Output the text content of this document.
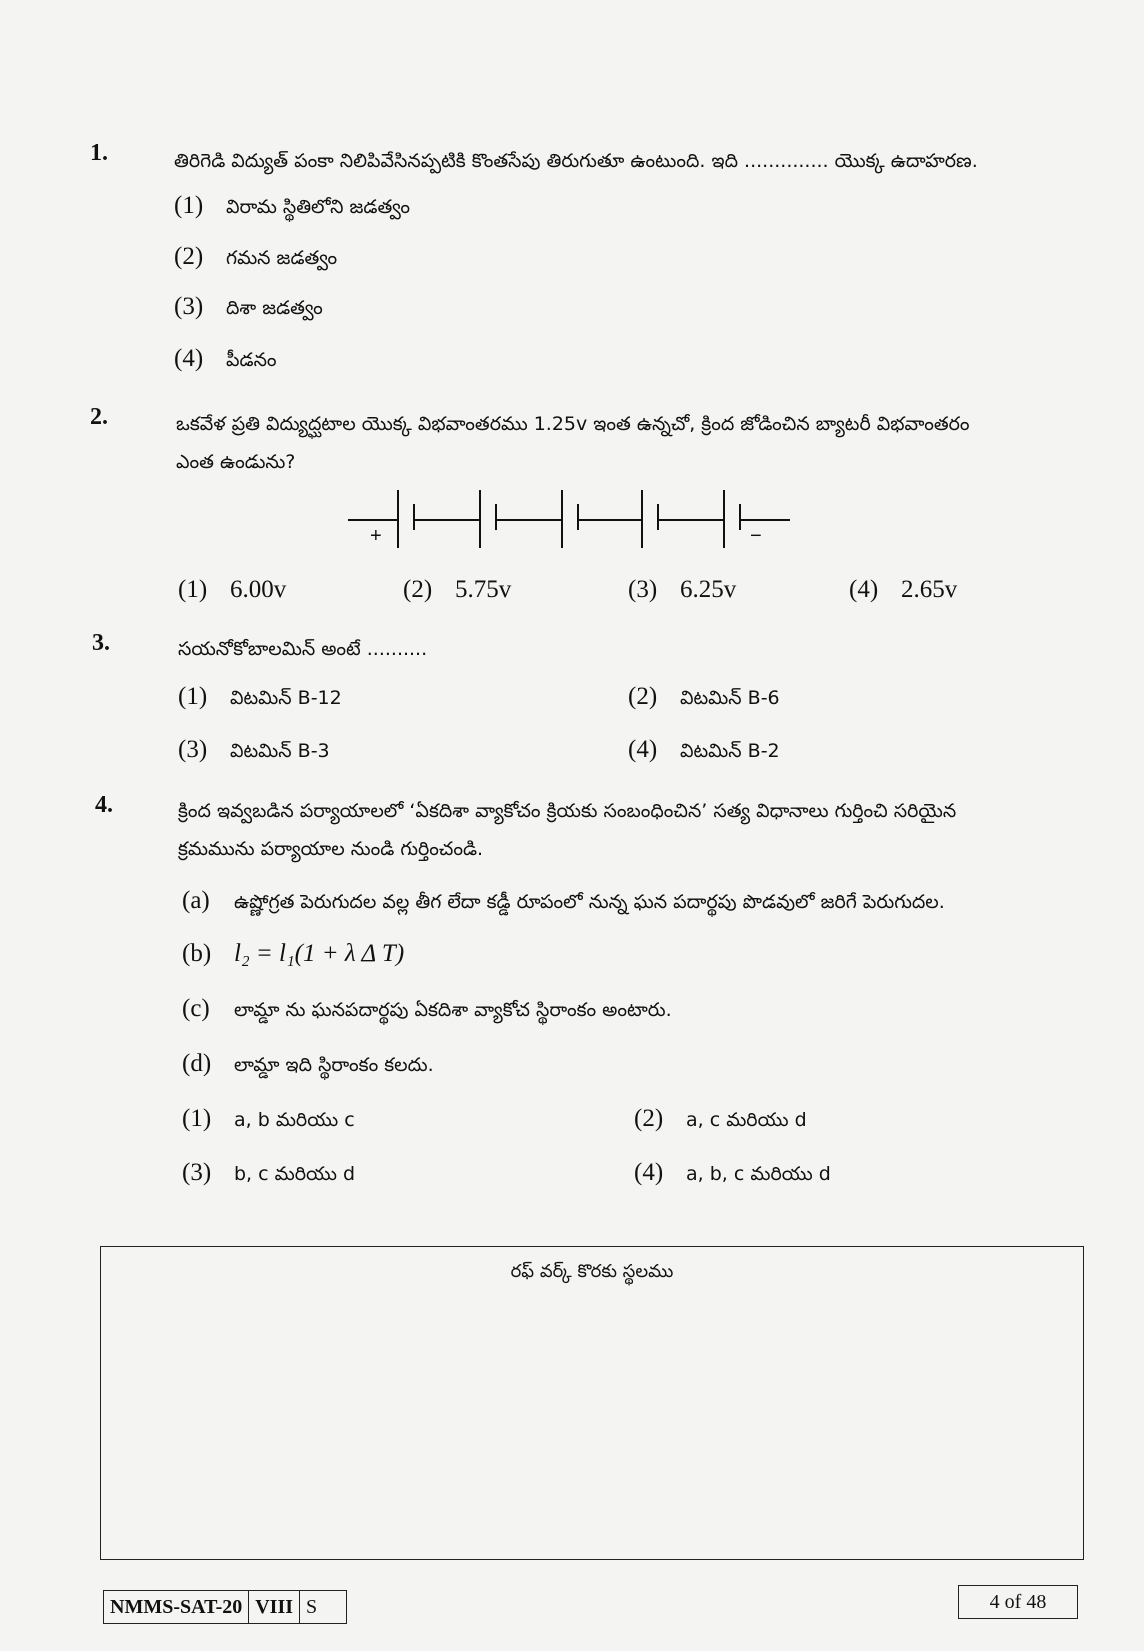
1.	తిరిగెడి విద్యుత్ పంకా నిలిపివేసినప్పటికి కొంతసేపు తిరుగుతూ ఉంటుంది. ఇది .............. యొక్క ఉదాహరణ.
(1) విరామ స్థితిలోని జడత్వం
(2) గమన జడత్వం
(3) దిశా జడత్వం
(4) పీడనం
2.	ఒకవేళ ప్రతి విద్యుద్ఘటాల యొక్క విభవాంతరము 1.25v ఇంత ఉన్నచో, క్రింద జోడించిన బ్యాటరీ విభవాంతరం
ఎంత ఉండును?
+	−
(1) 6.00v	(2) 5.75v	(3) 6.25v	(4) 2.65v
3.	సయనోకోబాలమిన్ అంటే ..........
(1) విటమిన్ B-12	(2) విటమిన్ B-6
(3) విటమిన్ B-3	(4) విటమిన్ B-2
4.	క్రింద ఇవ్వబడిన పర్యాయాలలో ‘ఏకదిశా వ్యాకోచం క్రియకు సంబంధించిన’ సత్య విధానాలు గుర్తించి సరియైన
క్రమమును పర్యాయాల నుండి గుర్తించండి.
(a) ఉష్ణోగ్రత పెరుగుదల వల్ల తీగ లేదా కడ్డీ రూపంలో నున్న ఘన పదార్థపు పొడవులో జరిగే పెరుగుదల.
(b) l₂ = l₁(1 + λ Δ T)
(c) లామ్డా ను ఘనపదార్థపు ఏకదిశా వ్యాకోచ స్థిరాంకం అంటారు.
(d) లామ్డా ఇది స్థిరాంకం కలదు.
(1) a, b మరియు c	(2) a, c మరియు d
(3) b, c మరియు d	(4) a, b, c మరియు d
రఫ్ వర్క్ కొరకు స్థలము
NMMS-SAT-20 VIII S	4 of 48
